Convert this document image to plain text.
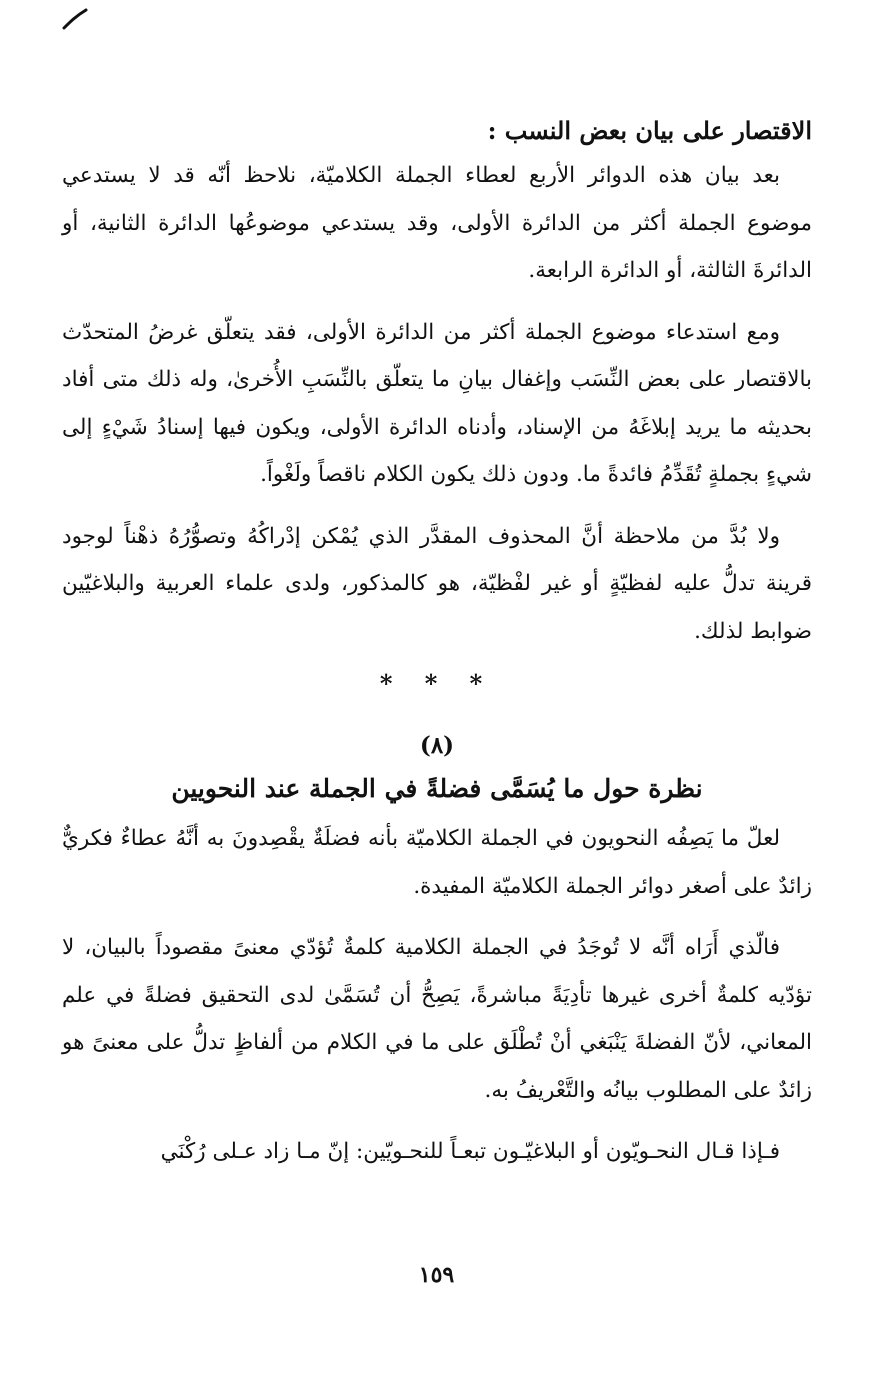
الاقتصار على بيان بعض النسب :

بعد بيان هذه الدوائر الأربع لعطاء الجملة الكلاميّة، نلاحظ أنّه قد لا يستدعي موضوع الجملة أكثر من الدائرة الأولى، وقد يستدعي موضوعُها الدائرة الثانية، أو الدائرةَ الثالثة، أو الدائرة الرابعة.

ومع استدعاء موضوع الجملة أكثر من الدائرة الأولى، فقد يتعلّق غرضُ المتحدّث بالاقتصار على بعض النِّسَب وإغفال بيانِ ما يتعلّق بالنِّسَبِ الأُخرىٰ، وله ذلك متى أفاد بحديثه ما يريد إبلاغَهُ من الإسناد، وأدناه الدائرة الأولى، ويكون فيها إسنادُ شَيْءٍ إلى شيءٍ بجملةٍ تُقَدِّمُ فائدةً ما. ودون ذلك يكون الكلام ناقصاً ولَغْواً.

ولا بُدَّ من ملاحظة أنَّ المحذوف المقدَّر الذي يُمْكن إدْراكُهُ وتصوُّرُهُ ذهْناً لوجود قرينة تدلُّ عليه لفظيّةٍ أو غير لفْظيّة، هو كالمذكور، ولدى علماء العربية والبلاغيّين ضوابط لذلك.

* * *
(٨)
نظرة حول ما يُسَمَّى فضلةً في الجملة عند النحويين

لعلّ ما يَصِفُه النحويون في الجملة الكلاميّة بأنه فضلَةٌ يقْصِدونَ به أنَّهُ عطاءٌ فكريٌّ زائدٌ على أصغر دوائر الجملة الكلاميّة المفيدة.

فالّذي أَرَاه أنَّه لا تُوجَدُ في الجملة الكلامية كلمةٌ تُؤدّي معنىً مقصوداً بالبيان، لا تؤدّيه كلمةٌ أخرى غيرها تأدِيَةً مباشرةً، يَصِحُّ أن تُسَمَّىٰ لدى التحقيق فضلةً في علم المعاني، لأنّ الفضلةَ يَنْبَغي أنْ تُطْلَق على ما في الكلام من ألفاظٍ تدلُّ على معنىً هو زائدٌ على المطلوب بيانُه والتَّعْريفُ به.

فـإذا قـال النحـويّون أو البلاغيّـون تبعـاً للنحـويّين: إنّ مـا زاد عـلى رُكْنَي

١٥٩
